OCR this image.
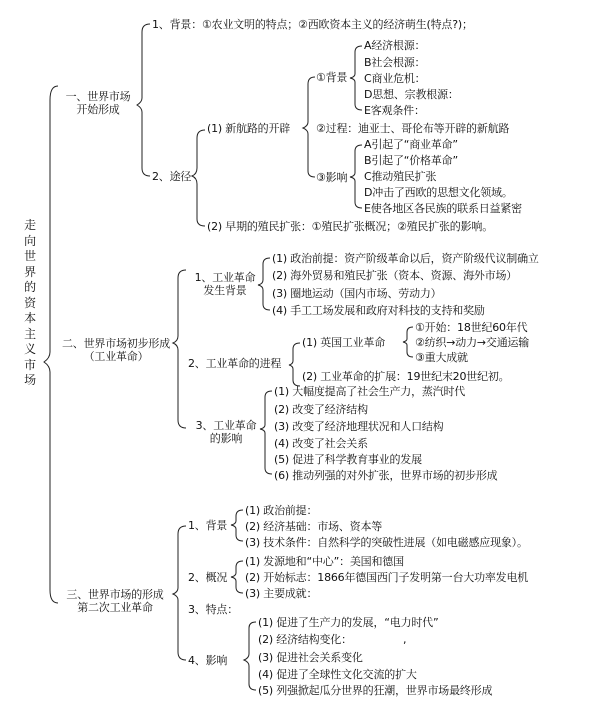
走
向
世
界
的
资
本
主
义
市
场
一、世界市场
开始形成
1、背景：①农业文明的特点；②西欧资本主义的经济萌生(特点?)；
2、途径
(1) 新航路的开辟
①背景
A经济根源：
B社会根源：
C商业危机：
D思想、宗教根源：
E客观条件：
②过程：迪亚士、哥伦布等开辟的新航路
③影响
A引起了“商业革命”
B引起了“价格革命”
C推动殖民扩张
D冲击了西欧的思想文化领域。
E使各地区各民族的联系日益紧密
(2) 早期的殖民扩张：①殖民扩张概况；②殖民扩张的影响。
二、世界市场初步形成
（工业革命）
1、工业革命
发生背景
(1) 政治前提：资产阶级革命以后，资产阶级代议制确立
(2) 海外贸易和殖民扩张（资本、资源、海外市场）
(3) 圈地运动（国内市场、劳动力）
(4) 手工工场发展和政府对科技的支持和奖励
2、工业革命的进程
(1) 英国工业革命
①开始：18世纪60年代
②纺织→动力→交通运输
③重大成就
(2) 工业革命的扩展：19世纪末20世纪初。
3、工业革命
的影响
(1) 大幅度提高了社会生产力，蒸汽时代
(2) 改变了经济结构
(3) 改变了经济地理状况和人口结构
(4) 改变了社会关系
(5) 促进了科学教育事业的发展
(6) 推动列强的对外扩张，世界市场的初步形成
三、世界市场的形成
第二次工业革命
1、背景
(1) 政治前提：
(2) 经济基础：市场、资本等
(3) 技术条件：自然科学的突破性进展（如电磁感应现象）。
2、概况
(1) 发源地和“中心”：美国和德国
(2) 开始标志：1866年德国西门子发明第一台大功率发电机
(3) 主要成就：
3、特点：
4、影响
(1) 促进了生产力的发展，“电力时代”
,
(2) 经济结构变化：
(3) 促进社会关系变化
(4) 促进了全球性文化交流的扩大
(5) 列强掀起瓜分世界的狂潮，世界市场最终形成
